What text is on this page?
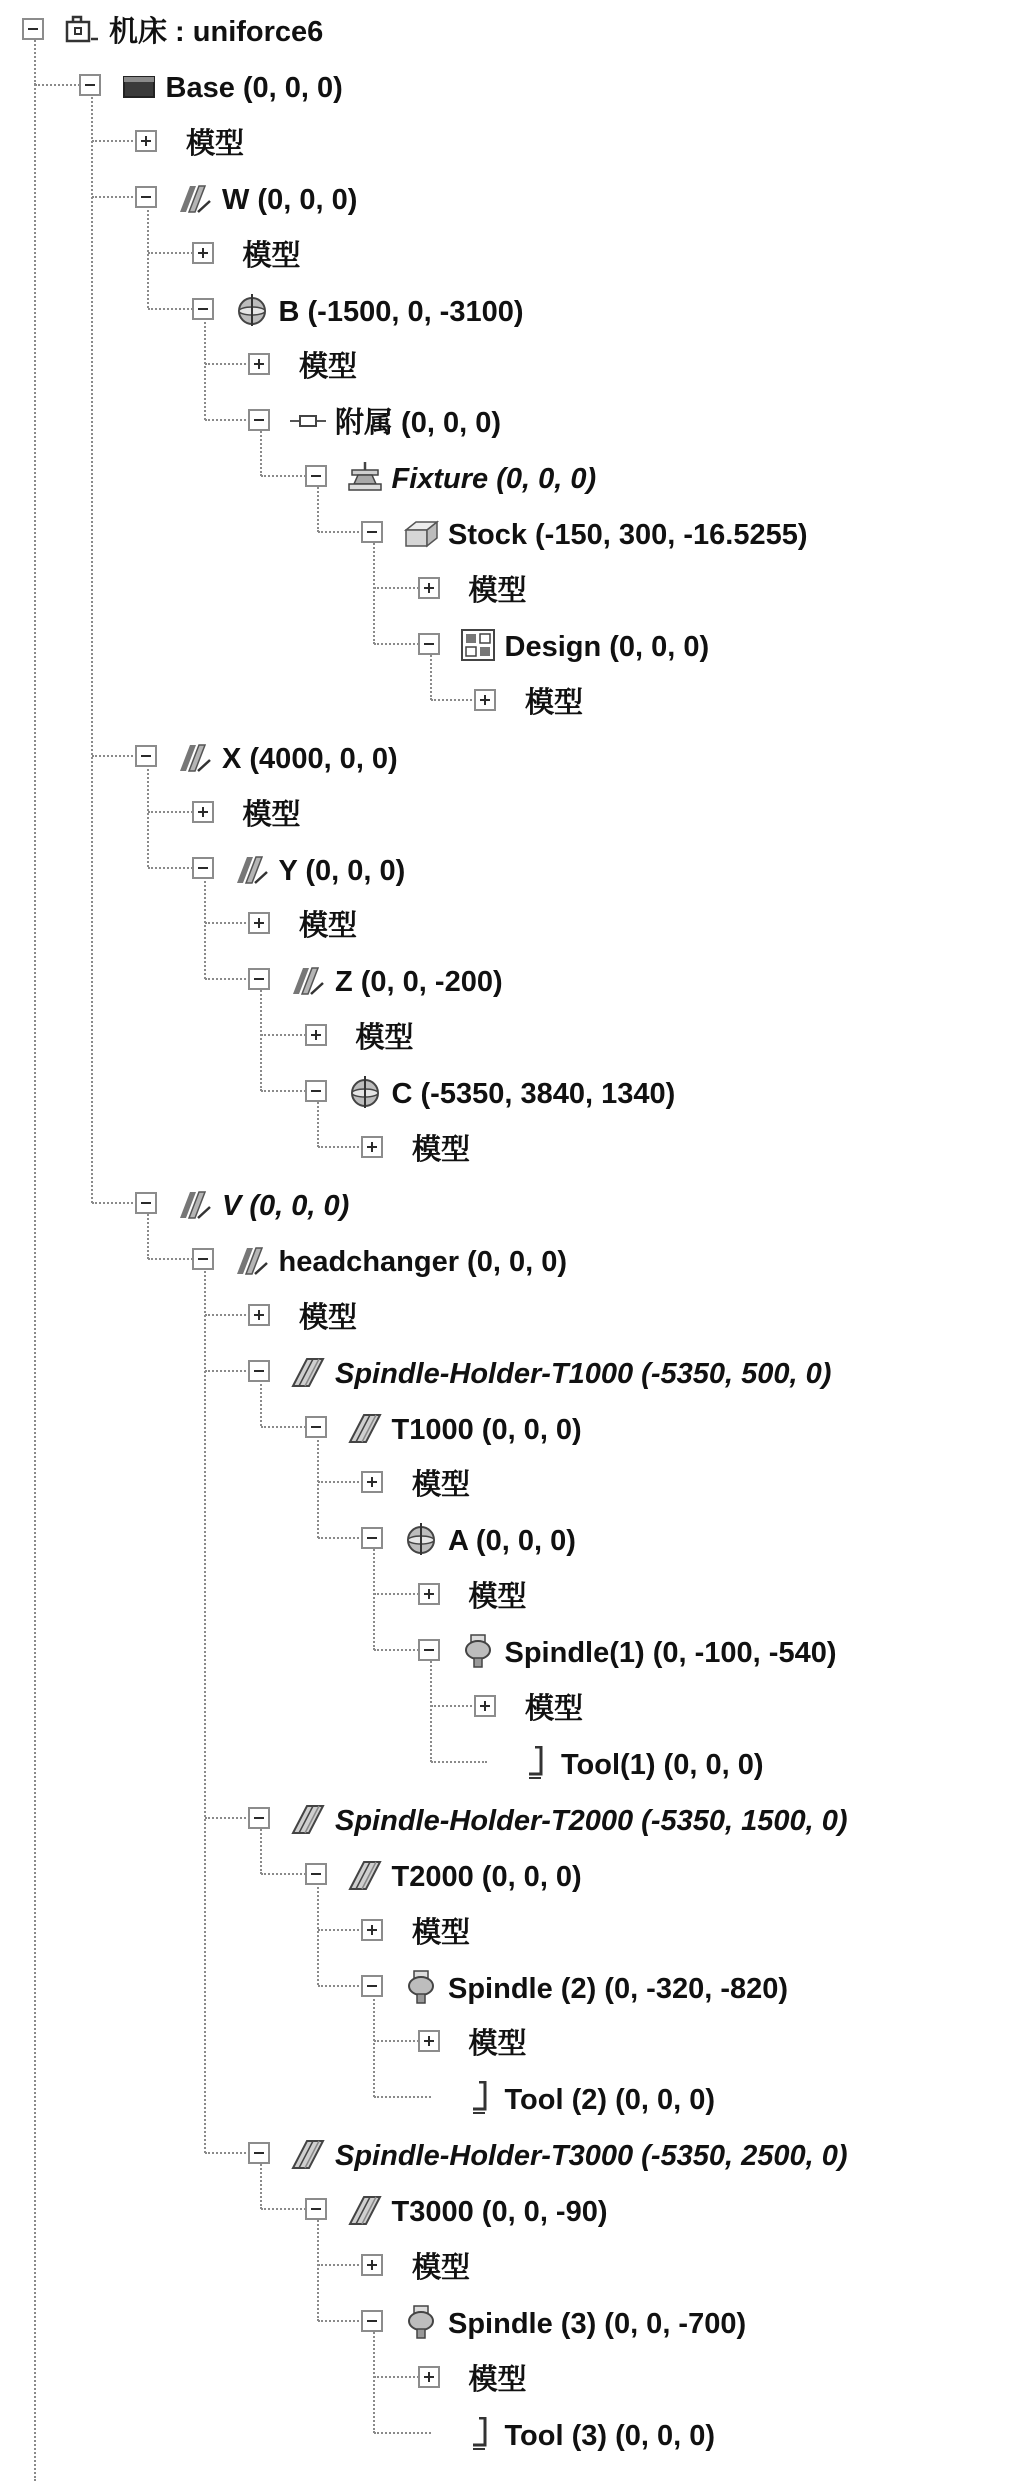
机床 : uniforce6
Base (0, 0, 0)
模型
W (0, 0, 0)
模型
B (-1500, 0, -3100)
模型
附属 (0, 0, 0)
Fixture (0, 0, 0)
Stock (-150, 300, -16.5255)
模型
Design (0, 0, 0)
模型
X (4000, 0, 0)
模型
Y (0, 0, 0)
模型
Z (0, 0, -200)
模型
C (-5350, 3840, 1340)
模型
V (0, 0, 0)
headchanger (0, 0, 0)
模型
Spindle-Holder-T1000 (-5350, 500, 0)
T1000 (0, 0, 0)
模型
A (0, 0, 0)
模型
Spindle(1) (0, -100, -540)
模型
Tool(1) (0, 0, 0)
Spindle-Holder-T2000 (-5350, 1500, 0)
T2000 (0, 0, 0)
模型
Spindle (2) (0, -320, -820)
模型
Tool (2) (0, 0, 0)
Spindle-Holder-T3000 (-5350, 2500, 0)
T3000 (0, 0, -90)
模型
Spindle (3) (0, 0, -700)
模型
Tool (3) (0, 0, 0)
